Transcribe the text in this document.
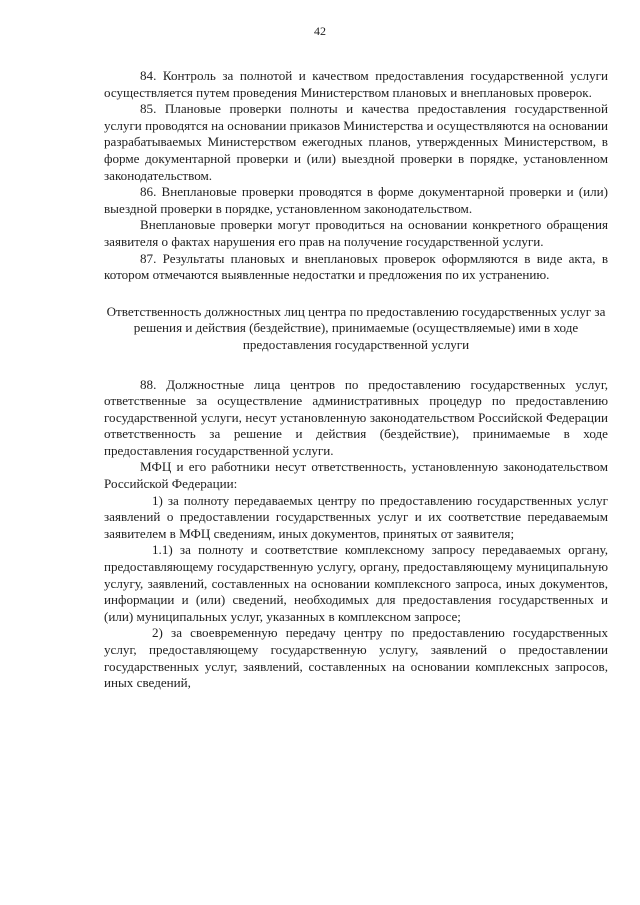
42

84. Контроль за полнотой и качеством предоставления государственной услуги осуществляется путем проведения Министерством плановых и внеплановых проверок.

85. Плановые проверки полноты и качества предоставления государственной услуги проводятся на основании приказов Министерства и осуществляются на основании разрабатываемых Министерством ежегодных планов, утвержденных Министерством, в форме документарной проверки и (или) выездной проверки в порядке, установленном законодательством.

86. Внеплановые проверки проводятся в форме документарной проверки и (или) выездной проверки в порядке, установленном законодательством.

Внеплановые проверки могут проводиться на основании конкретного обращения заявителя о фактах нарушения его прав на получение государственной услуги.

87. Результаты плановых и внеплановых проверок оформляются в виде акта, в котором отмечаются выявленные недостатки и предложения по их устранению.

Ответственность должностных лиц центра по предоставлению государственных услуг за решения и действия (бездействие), принимаемые (осуществляемые) ими в ходе предоставления государственной услуги

88. Должностные лица центров по предоставлению государственных услуг, ответственные за осуществление административных процедур по предоставлению государственной услуги, несут установленную законодательством Российской Федерации ответственность за решение и действия (бездействие), принимаемые в ходе предоставления государственной услуги.

МФЦ и его работники несут ответственность, установленную законодательством Российской Федерации:

1) за полноту передаваемых центру по предоставлению государственных услуг заявлений о предоставлении государственных услуг и их соответствие передаваемым заявителем в МФЦ сведениям, иных документов, принятых от заявителя;

1.1) за полноту и соответствие комплексному запросу передаваемых органу, предоставляющему государственную услугу, органу, предоставляющему муниципальную услугу, заявлений, составленных на основании комплексного запроса, иных документов, информации и (или) сведений, необходимых для предоставления государственных и (или) муниципальных услуг, указанных в комплексном запросе;

2) за своевременную передачу центру по предоставлению государственных услуг, предоставляющему государственную услугу, заявлений о предоставлении государственных услуг, заявлений, составленных на основании комплексных запросов, иных сведений,
